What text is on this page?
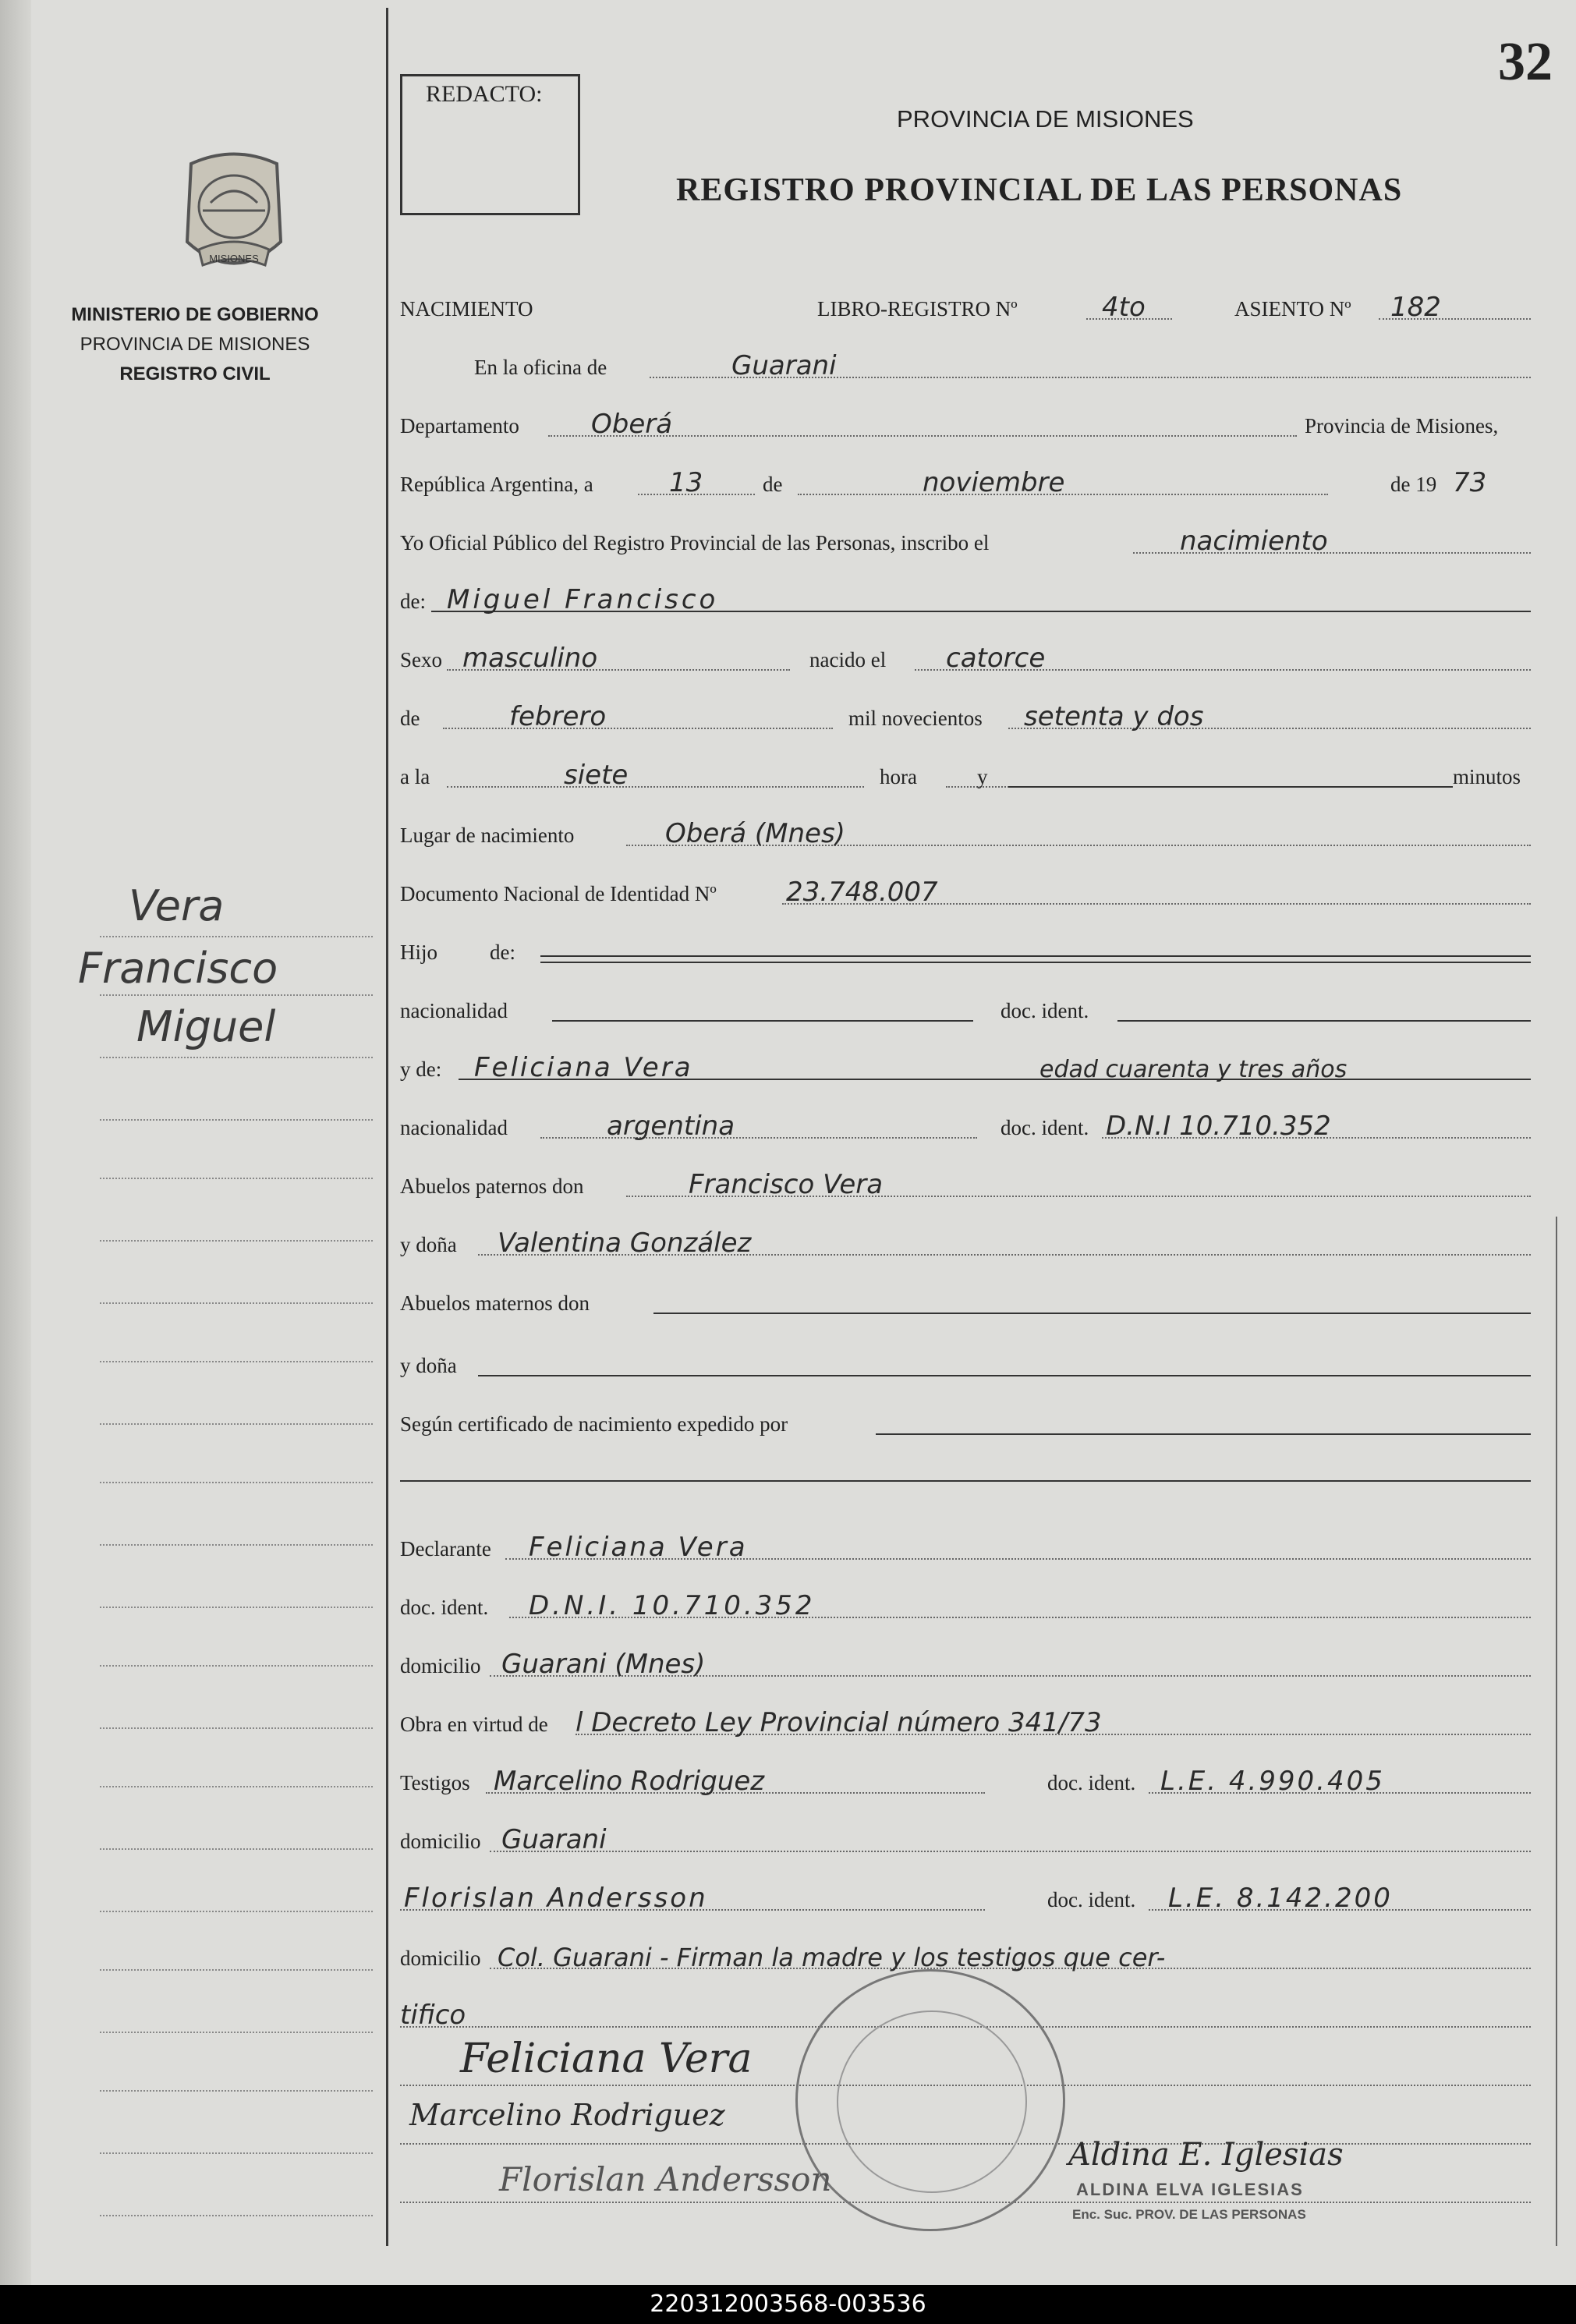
32
REDACTO:
PROVINCIA DE MISIONES
REGISTRO PROVINCIAL DE LAS PERSONAS
MISIONES
MINISTERIO DE GOBIERNO
PROVINCIA DE MISIONES
REGISTRO CIVIL
Vera
Francisco
Miguel
NACIMIENTO	LIBRO-REGISTRO Nº	4to	ASIENTO Nº 182
En la oficina de	Guarani
Departamento	Oberá	Provincia de Misiones,
República Argentina, a	13	de	noviembre	de 19 73
Yo Oficial Público del Registro Provincial de las Personas, inscribo el	nacimiento
de: Miguel Francisco
Sexo masculino	nacido el catorce
de	febrero	mil novecientos setenta y dos
a la	siete	hora	y	minutos
Lugar de nacimiento	Oberá (Mnes)
Documento Nacional de Identidad Nº	23.748.007
Hijo de:
nacionalidad	doc. ident.
y de: Feliciana Vera	edad cuarenta y tres años
nacionalidad	argentina	doc. ident. D.N.I 10.710.352
Abuelos paternos don	Francisco Vera
y doña Valentina González
Abuelos maternos don
y doña
Según certificado de nacimiento expedido por
Declarante Feliciana Vera
doc. ident. D.N.I. 10.710.352
domicilio Guarani (Mnes)
Obra en virtud de l Decreto Ley Provincial número 341/73
Testigos Marcelino Rodriguez	doc. ident. L.E. 4.990.405
domicilio Guarani
Florislan Andersson	doc. ident. L.E. 8.142.200
domicilio Col. Guarani - Firman la madre y los testigos que cer-
tifico
Feliciana Vera
Marcelino Rodriguez
Florislan Andersson
Aldina E. Iglesias
ALDINA ELVA IGLESIAS
Enc. Suc. PROV. DE LAS PERSONAS
220312003568-003536
